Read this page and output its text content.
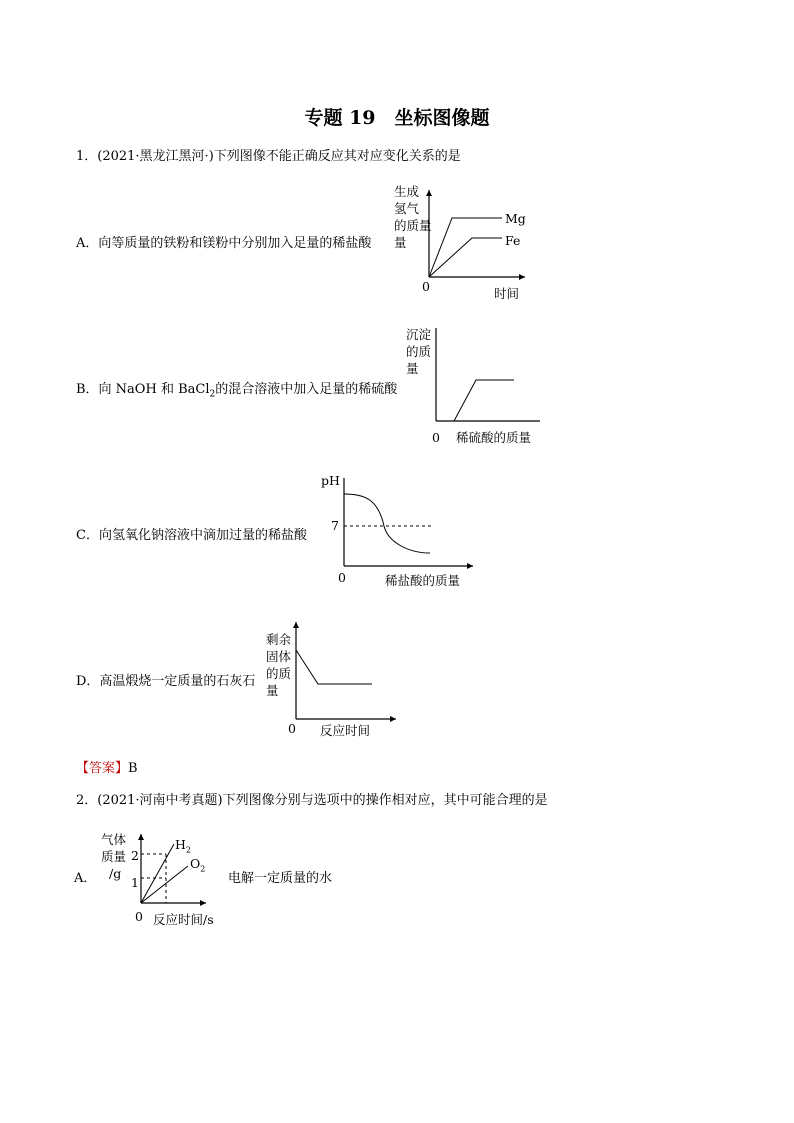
专题 19　坐标图像题
1．(2021·黑龙江黑河·)下列图像不能正确反应其对应变化关系的是
A．向等质量的铁粉和镁粉中分别加入足量的稀盐酸
生成
氢气
的质量
量
Mg
Fe
0	时间
B．向 NaOH 和 BaCl$_2$的混合溶液中加入足量的稀硫酸
沉淀
的质
量
0 稀硫酸的质量
C．向氢氧化钠溶液中滴加过量的稀盐酸
pH
7
0	稀盐酸的质量
D．高温煅烧一定质量的石灰石
剩余
固体
的质
量
0 反应时间
【答案】B
2．(2021·河南中考真题)下列图像分别与选项中的操作相对应，其中可能合理的是
A．
气体
质量
/g
2
1
$H_2$
$O_2$
0 反应时间/s
电解一定质量的水
